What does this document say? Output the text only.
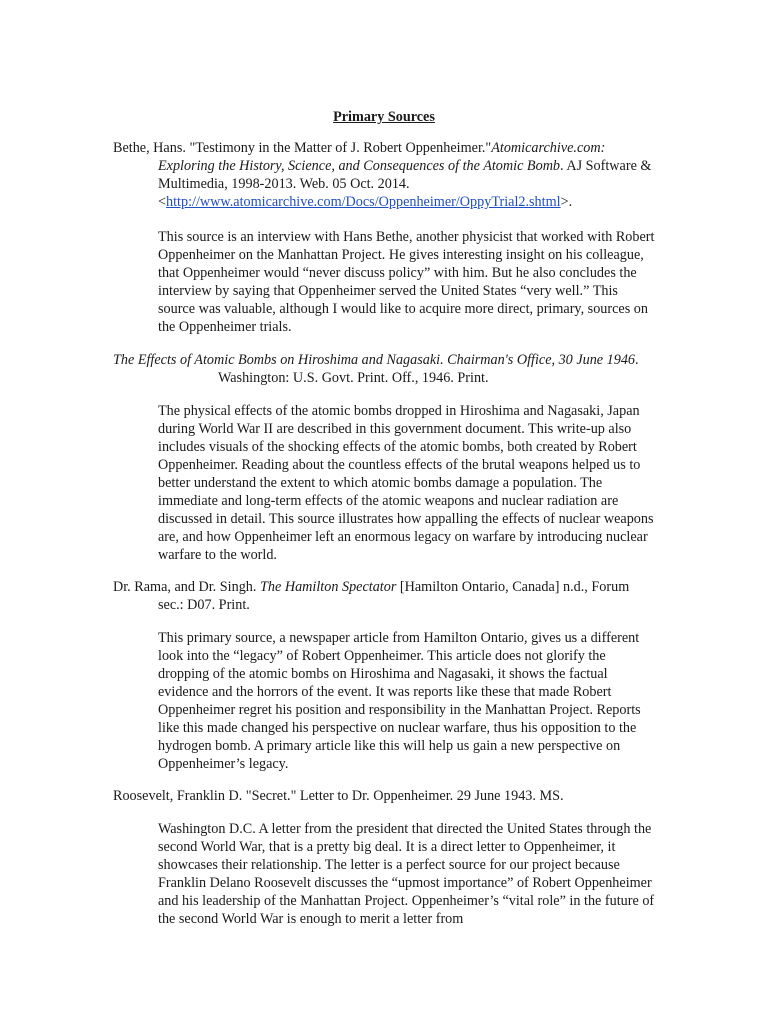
Primary Sources
Bethe, Hans. "Testimony in the Matter of J. Robert Oppenheimer."Atomicarchive.com: Exploring the History, Science, and Consequences of the Atomic Bomb. AJ Software & Multimedia, 1998-2013. Web. 05 Oct. 2014. <http://www.atomicarchive.com/Docs/Oppenheimer/OppyTrial2.shtml>.
This source is an interview with Hans Bethe, another physicist that worked with Robert Oppenheimer on the Manhattan Project. He gives interesting insight on his colleague, that Oppenheimer would “never discuss policy” with him. But he also concludes the interview by saying that Oppenheimer served the United States “very well.” This source was valuable, although I would like to acquire more direct, primary, sources on the Oppenheimer trials.
The Effects of Atomic Bombs on Hiroshima and Nagasaki. Chairman's Office, 30 June 1946.Washington: U.S. Govt. Print. Off., 1946. Print.
The physical effects of the atomic bombs dropped in Hiroshima and Nagasaki, Japan during World War II are described in this government document. This write-up also includes visuals of the shocking effects of the atomic bombs, both created by Robert Oppenheimer. Reading about the countless effects of the brutal weapons helped us to better understand the extent to which atomic bombs damage a population. The immediate and long-term effects of the atomic weapons and nuclear radiation are discussed in detail. This source illustrates how appalling the effects of nuclear weapons are, and how Oppenheimer left an enormous legacy on warfare by introducing nuclear warfare to the world.
Dr. Rama, and Dr. Singh. The Hamilton Spectator [Hamilton Ontario, Canada] n.d., Forum sec.: D07. Print.
This primary source, a newspaper article from Hamilton Ontario, gives us a different look into the “legacy” of Robert Oppenheimer. This article does not glorify the dropping of the atomic bombs on Hiroshima and Nagasaki, it shows the factual evidence and the horrors of the event. It was reports like these that made Robert Oppenheimer regret his position and responsibility in the Manhattan Project. Reports like this made changed his perspective on nuclear warfare, thus his opposition to the hydrogen bomb. A primary article like this will help us gain a new perspective on Oppenheimer’s legacy.
Roosevelt, Franklin D. "Secret." Letter to Dr. Oppenheimer. 29 June 1943. MS.
Washington D.C. A letter from the president that directed the United States through the second World War, that is a pretty big deal. It is a direct letter to Oppenheimer, it showcases their relationship. The letter is a perfect source for our project because Franklin Delano Roosevelt discusses the “upmost importance” of Robert Oppenheimer and his leadership of the Manhattan Project. Oppenheimer’s “vital role” in the future of the second World War is enough to merit a letter from
